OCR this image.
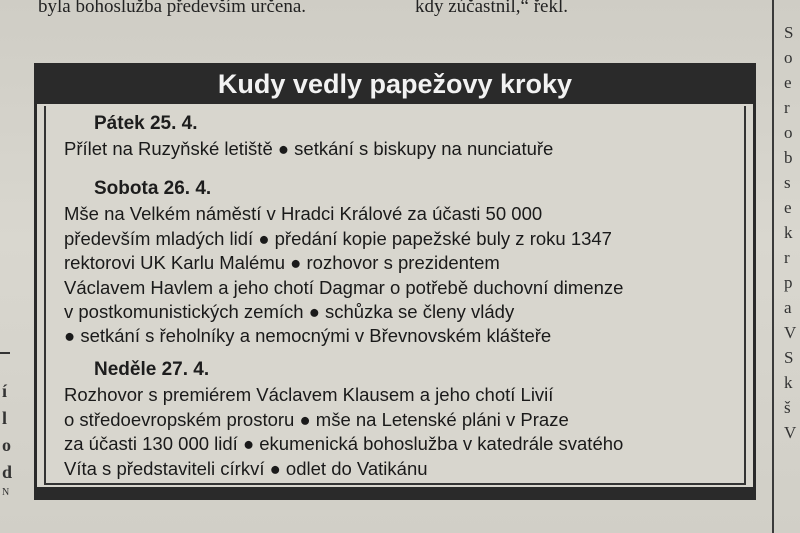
byla bohoslužba především určena.	kdy zúčastnil,“ řekl.
í
l
o
d
N
S
o
e
r
o
b
s
e
k
r
p
a
V
S
k
š
V
Kudy vedly papežovy kroky
Pátek 25. 4.
Přílet na Ruzyňské letiště ● setkání s biskupy na nunciatuře
Sobota 26. 4.
Mše na Velkém náměstí v Hradci Králové za účasti 50 000
především mladých lidí ● předání kopie papežské buly z roku 1347
rektorovi UK Karlu Malému ● rozhovor s prezidentem
Václavem Havlem a jeho chotí Dagmar o potřebě duchovní dimenze
v postkomunistických zemích ● schůzka se členy vlády
● setkání s řeholníky a nemocnými v Břevnovském klášteře
Neděle 27. 4.
Rozhovor s premiérem Václavem Klausem a jeho chotí Livií
o středoevropském prostoru ● mše na Letenské pláni v Praze
za účasti 130 000 lidí ● ekumenická bohoslužba v katedrále svatého
Víta s představiteli církví ● odlet do Vatikánu
